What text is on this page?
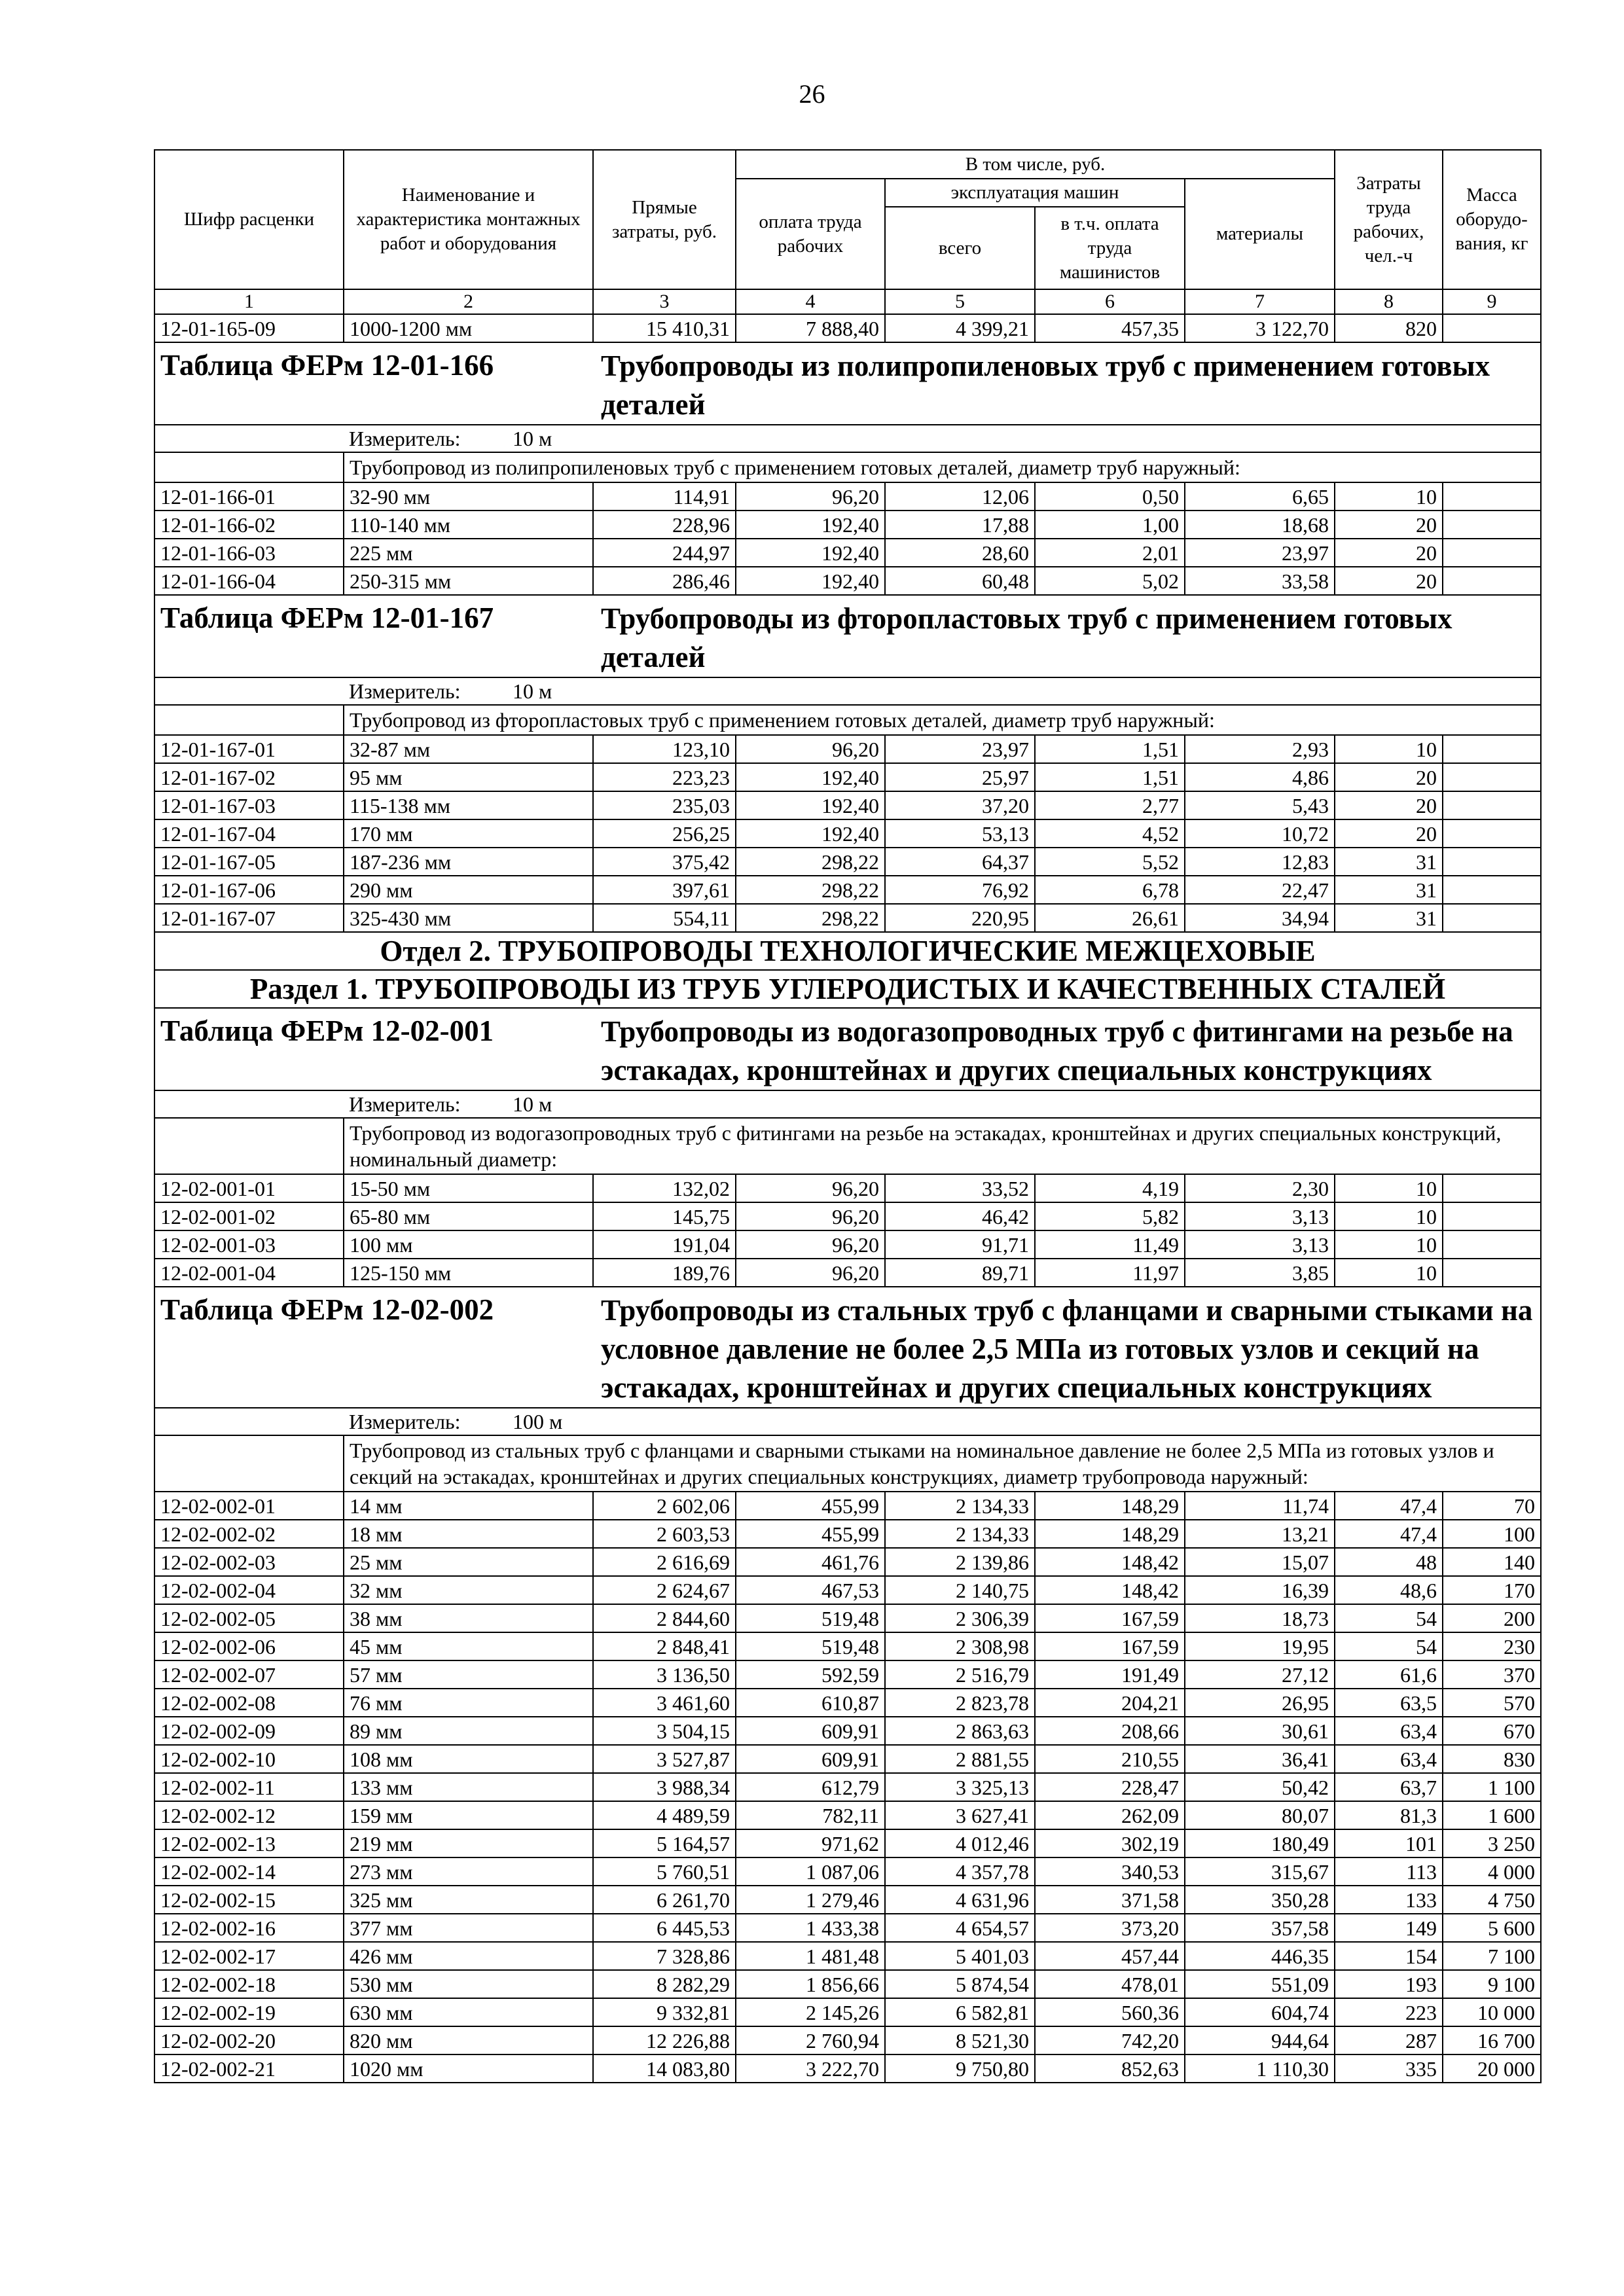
26
Шифр расценки	Наименование и характеристика монтажных работ и оборудования	Прямые затраты, руб.	В том числе, руб.				Затраты труда рабочих, чел.-ч	Масса оборудо-вания, кг
			оплата труда рабочих	эксплуатация машин		материалы		
				всего	в т.ч. оплата труда машинистов			

1	2	3	4	5	6	7	8	9
12-01-165-09	1000-1200 мм	15 410,31	7 888,40	4 399,21	457,35	3 122,70	820	
Таблица ФЕРм 12-01-166		Трубопроводы из полипропиленовых труб с применением готовых деталей						
	Измеритель: 10 м							
	Трубопровод из полипропиленовых труб с применением готовых деталей, диаметр труб наружный:							
12-01-166-01	32-90 мм	114,91	96,20	12,06	0,50	6,65	10	
12-01-166-02	110-140 мм	228,96	192,40	17,88	1,00	18,68	20	
12-01-166-03	225 мм	244,97	192,40	28,60	2,01	23,97	20	
12-01-166-04	250-315 мм	286,46	192,40	60,48	5,02	33,58	20	
Таблица ФЕРм 12-01-167		Трубопроводы из фторопластовых труб с применением готовых деталей						
	Измеритель: 10 м							
	Трубопровод из фторопластовых труб с применением готовых деталей, диаметр труб наружный:							
12-01-167-01	32-87 мм	123,10	96,20	23,97	1,51	2,93	10	
12-01-167-02	95 мм	223,23	192,40	25,97	1,51	4,86	20	
12-01-167-03	115-138 мм	235,03	192,40	37,20	2,77	5,43	20	
12-01-167-04	170 мм	256,25	192,40	53,13	4,52	10,72	20	
12-01-167-05	187-236 мм	375,42	298,22	64,37	5,52	12,83	31	
12-01-167-06	290 мм	397,61	298,22	76,92	6,78	22,47	31	
12-01-167-07	325-430 мм	554,11	298,22	220,95	26,61	34,94	31	
Отдел 2. ТРУБОПРОВОДЫ ТЕХНОЛОГИЧЕСКИЕ МЕЖЦЕХОВЫЕ								
Раздел 1. ТРУБОПРОВОДЫ ИЗ ТРУБ УГЛЕРОДИСТЫХ И КАЧЕСТВЕННЫХ СТАЛЕЙ								
Таблица ФЕРм 12-02-001		Трубопроводы из водогазопроводных труб с фитингами на резьбе на эстакадах, кронштейнах и других специальных конструкциях						
	Измеритель: 10 м							
	Трубопровод из водогазопроводных труб с фитингами на резьбе на эстакадах, кронштейнах и других специальных конструкций, номинальный диаметр:							
12-02-001-01	15-50 мм	132,02	96,20	33,52	4,19	2,30	10	
12-02-001-02	65-80 мм	145,75	96,20	46,42	5,82	3,13	10	
12-02-001-03	100 мм	191,04	96,20	91,71	11,49	3,13	10	
12-02-001-04	125-150 мм	189,76	96,20	89,71	11,97	3,85	10	
Таблица ФЕРм 12-02-002		Трубопроводы из стальных труб с фланцами и сварными стыками на условное давление не более 2,5 МПа из готовых узлов и секций на эстакадах, кронштейнах и других специальных конструкциях						
	Измеритель: 100 м							
	Трубопровод из стальных труб с фланцами и сварными стыками на номинальное давление не более 2,5 МПа из готовых узлов и секций на эстакадах, кронштейнах и других специальных конструкциях, диаметр трубопровода наружный:							
12-02-002-01	14 мм	2 602,06	455,99	2 134,33	148,29	11,74	47,4	70
12-02-002-02	18 мм	2 603,53	455,99	2 134,33	148,29	13,21	47,4	100
12-02-002-03	25 мм	2 616,69	461,76	2 139,86	148,42	15,07	48	140
12-02-002-04	32 мм	2 624,67	467,53	2 140,75	148,42	16,39	48,6	170
12-02-002-05	38 мм	2 844,60	519,48	2 306,39	167,59	18,73	54	200
12-02-002-06	45 мм	2 848,41	519,48	2 308,98	167,59	19,95	54	230
12-02-002-07	57 мм	3 136,50	592,59	2 516,79	191,49	27,12	61,6	370
12-02-002-08	76 мм	3 461,60	610,87	2 823,78	204,21	26,95	63,5	570
12-02-002-09	89 мм	3 504,15	609,91	2 863,63	208,66	30,61	63,4	670
12-02-002-10	108 мм	3 527,87	609,91	2 881,55	210,55	36,41	63,4	830
12-02-002-11	133 мм	3 988,34	612,79	3 325,13	228,47	50,42	63,7	1 100
12-02-002-12	159 мм	4 489,59	782,11	3 627,41	262,09	80,07	81,3	1 600
12-02-002-13	219 мм	5 164,57	971,62	4 012,46	302,19	180,49	101	3 250
12-02-002-14	273 мм	5 760,51	1 087,06	4 357,78	340,53	315,67	113	4 000
12-02-002-15	325 мм	6 261,70	1 279,46	4 631,96	371,58	350,28	133	4 750
12-02-002-16	377 мм	6 445,53	1 433,38	4 654,57	373,20	357,58	149	5 600
12-02-002-17	426 мм	7 328,86	1 481,48	5 401,03	457,44	446,35	154	7 100
12-02-002-18	530 мм	8 282,29	1 856,66	5 874,54	478,01	551,09	193	9 100
12-02-002-19	630 мм	9 332,81	2 145,26	6 582,81	560,36	604,74	223	10 000
12-02-002-20	820 мм	12 226,88	2 760,94	8 521,30	742,20	944,64	287	16 700
12-02-002-21	1020 мм	14 083,80	3 222,70	9 750,80	852,63	1 110,30	335	20 000
